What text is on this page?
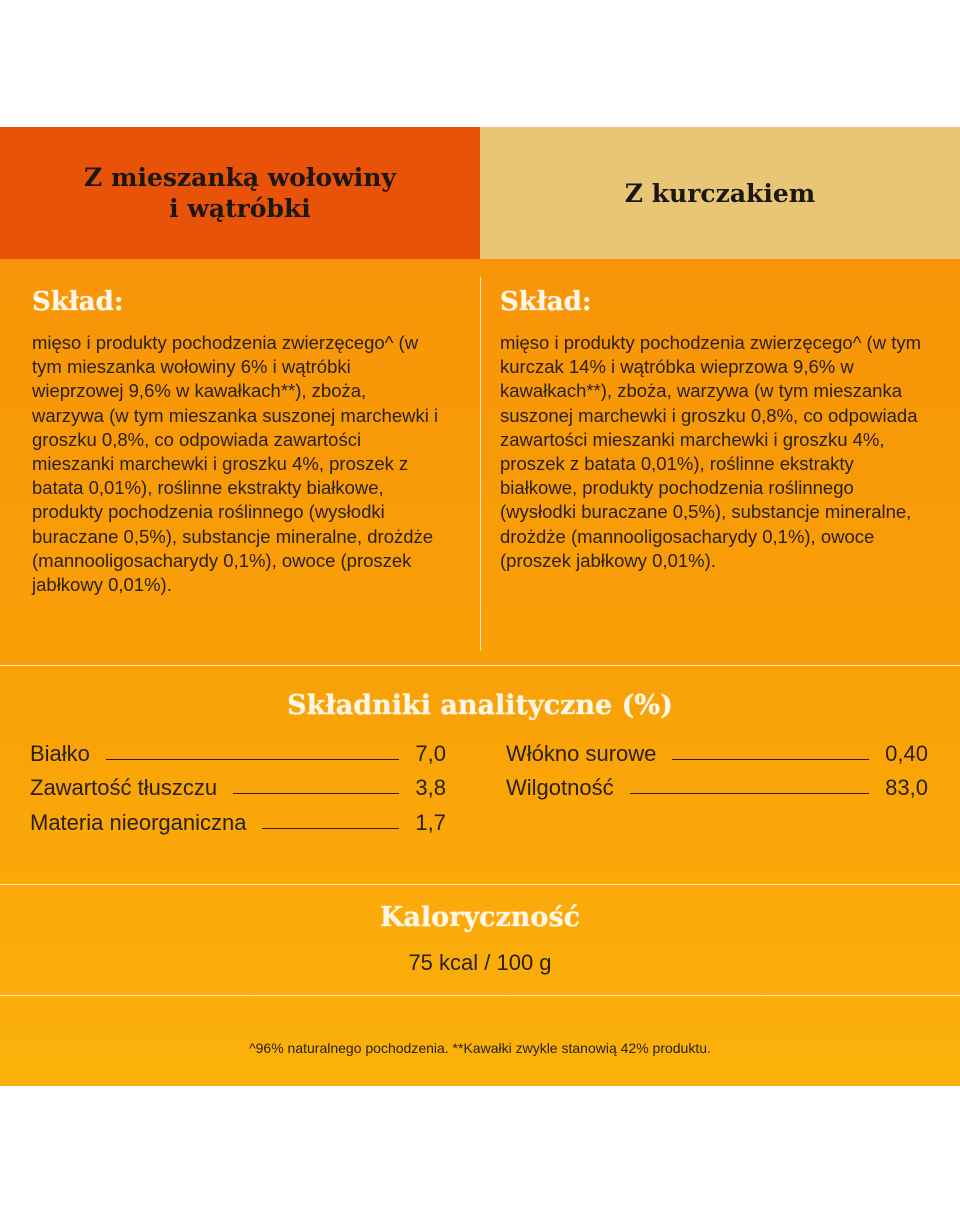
Z mieszanką wołowiny
i wątróbki
Z kurczakiem
Skład:

mięso i produkty pochodzenia zwierzęcego^ (w tym mieszanka wołowiny 6% i wątróbki wieprzowej 9,6% w kawałkach**), zboża, warzywa (w tym mieszanka suszonej marchewki i groszku 0,8%, co odpowiada zawartości mieszanki marchewki i groszku 4%, proszek z batata 0,01%), roślinne ekstrakty białkowe, produkty pochodzenia roślinnego (wysłodki buraczane 0,5%), substancje mineralne, drożdże (mannooligosacharydy 0,1%), owoce (proszek jabłkowy 0,01%).

Skład:

mięso i produkty pochodzenia zwierzęcego^ (w tym kurczak 14% i wątróbka wieprzowa 9,6% w kawałkach**), zboża, warzywa (w tym mieszanka suszonej marchewki i groszku 0,8%, co odpowiada zawartości mieszanki marchewki i groszku 4%, proszek z batata 0,01%), roślinne ekstrakty białkowe, produkty pochodzenia roślinnego (wysłodki buraczane 0,5%), substancje mineralne, drożdże (mannooligosacharydy 0,1%), owoce (proszek jabłkowy 0,01%).

Składniki analityczne (%)
Białko	7,0
Zawartość tłuszczu	3,8
Materia nieorganiczna	1,7
Włókno surowe	0,40
Wilgotność	83,0
Kaloryczność
75 kcal / 100 g
^96% naturalnego pochodzenia. **Kawałki zwykle stanowią 42% produktu.
